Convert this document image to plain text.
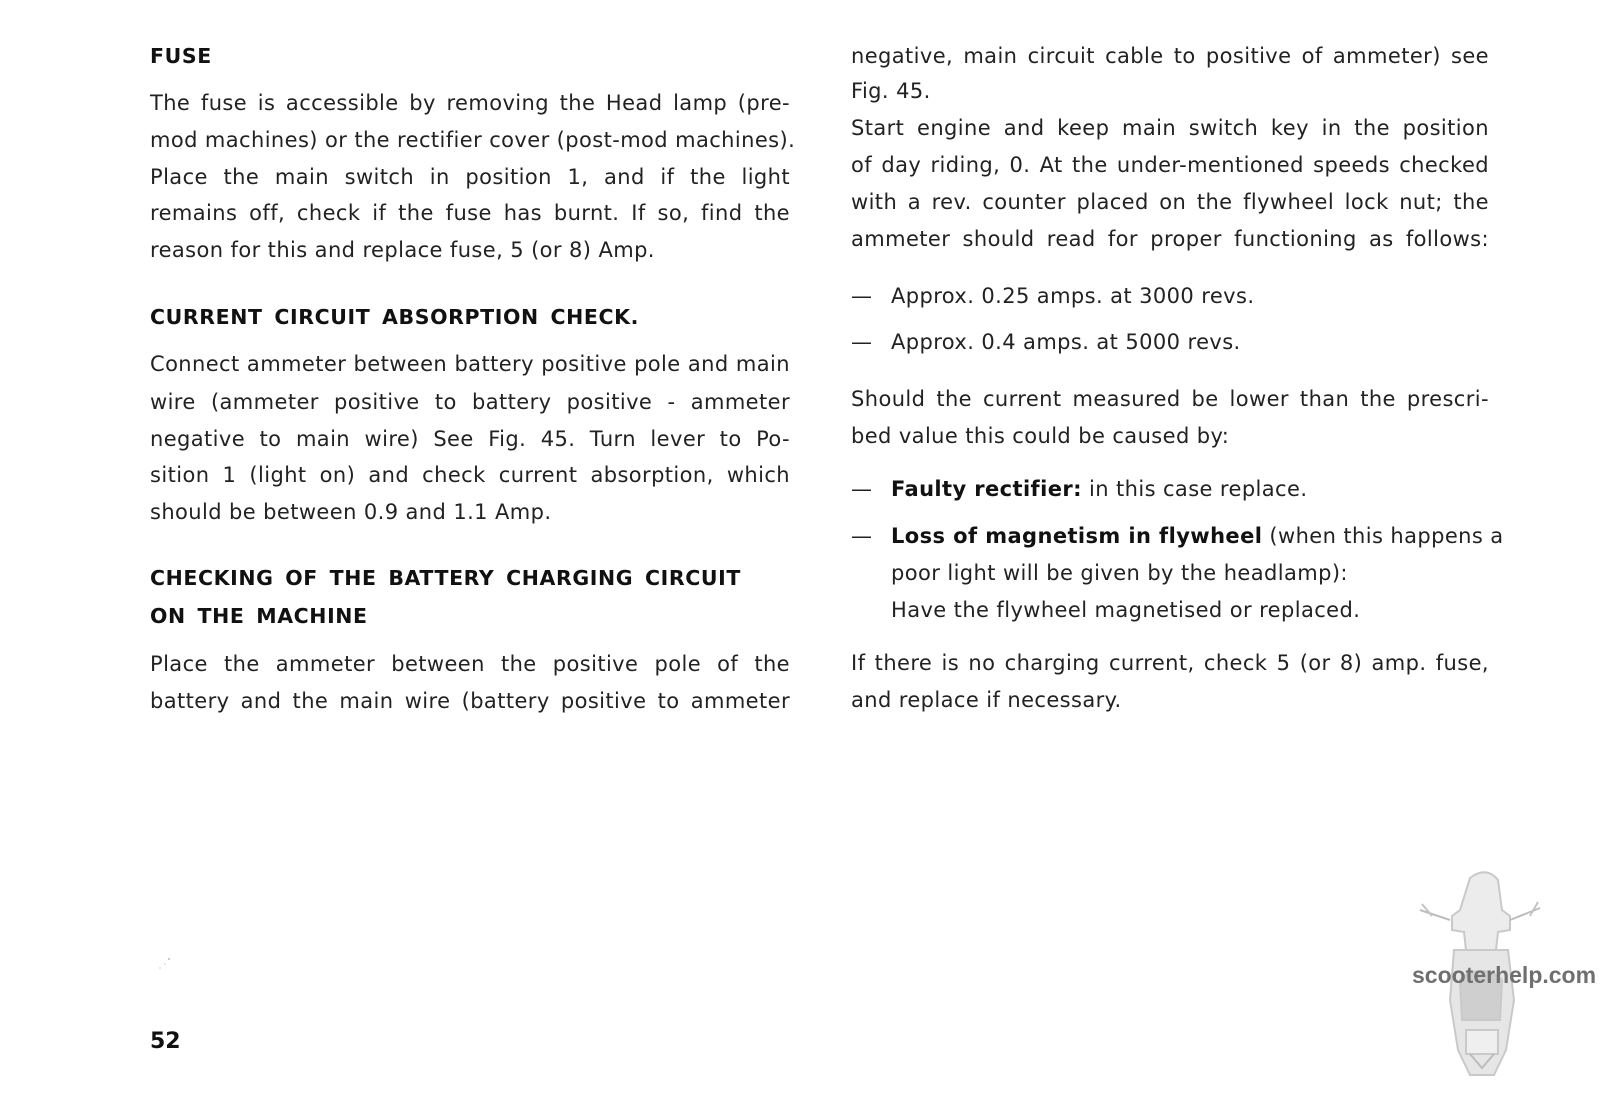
FUSE
The fuse is accessible by removing the Head lamp (pre-
mod machines) or the rectifier cover (post-mod machines).
Place the main switch in position 1, and if the light
remains off, check if the fuse has burnt. If so, find the
reason for this and replace fuse, 5 (or 8) Amp.
CURRENT CIRCUIT ABSORPTION CHECK.
Connect ammeter between battery positive pole and main
wire (ammeter positive to battery positive - ammeter
negative to main wire) See Fig. 45. Turn lever to Po-
sition 1 (light on) and check current absorption, which
should be between 0.9 and 1.1 Amp.
CHECKING OF THE BATTERY CHARGING CIRCUIT
ON THE MACHINE
Place the ammeter between the positive pole of the
battery and the main wire (battery positive to ammeter
negative, main circuit cable to positive of ammeter) see
Fig. 45.
Start engine and keep main switch key in the position
of day riding, 0. At the under-mentioned speeds checked
with a rev. counter placed on the flywheel lock nut; the
ammeter should read for proper functioning as follows:
— Approx. 0.25 amps. at 3000 revs.
— Approx. 0.4 amps. at 5000 revs.
Should the current measured be lower than the prescri-
bed value this could be caused by:
— Faulty rectifier: in this case replace.
— Loss of magnetism in flywheel (when this happens a
poor light will be given by the headlamp):
Have the flywheel magnetised or replaced.
If there is no charging current, check 5 (or 8) amp. fuse,
and replace if necessary.
52
scooterhelp.com
